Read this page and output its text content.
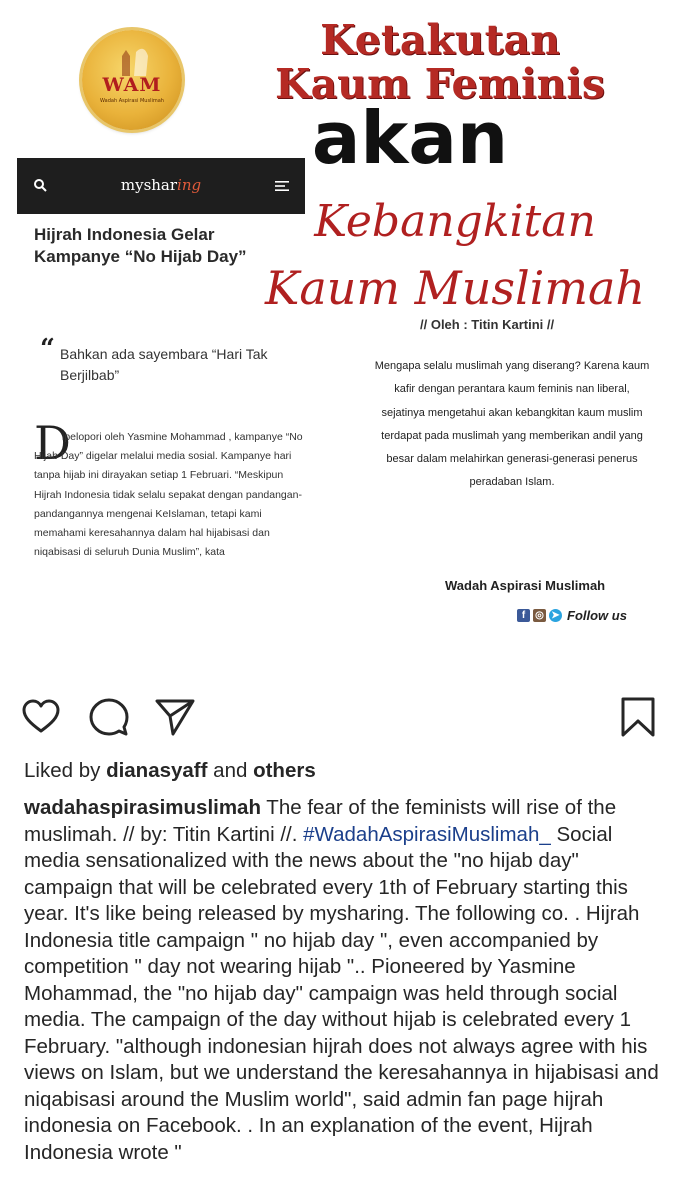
WAM
Wadah Aspirasi Muslimah
Ketakutan
Kaum Feminis
akan
Kebangkitan
Kaum Muslimah
// Oleh : Titin Kartini //
mysharing
Hijrah Indonesia Gelar Kampanye “No Hijab Day”
“ Bahkan ada sayembara “Hari Tak Berjilbab”
D
ipelopori oleh Yasmine Mohammad , kampanye “No Hijab Day” digelar melalui media sosial. Kampanye hari tanpa hijab ini dirayakan setiap 1 Februari. “Meskipun Hijrah Indonesia tidak selalu sepakat dengan pandangan-pandangannya mengenai KeIslaman, tetapi kami memahami keresahannya dalam hal hijabisasi dan niqabisasi di seluruh Dunia Muslim”, kata
Mengapa selalu muslimah yang diserang? Karena kaum kafir dengan perantara kaum feminis nan liberal, sejatinya mengetahui akan kebangkitan kaum muslim terdapat pada muslimah yang memberikan andil yang besar dalam melahirkan generasi-generasi penerus peradaban Islam.
Wadah Aspirasi Muslimah
f ◎ ➤ Follow us
Liked by dianasyaff and others
wadahaspirasimuslimah The fear of the feminists will rise of the muslimah. // by: Titin Kartini //. #WadahAspirasiMuslimah_ Social media sensationalized with the news about the "no hijab day" campaign that will be celebrated every 1th of February starting this year. It's like being released by mysharing. The following co. . Hijrah Indonesia title campaign " no hijab day ", even accompanied by competition " day not wearing hijab ".. Pioneered by Yasmine Mohammad, the "no hijab day" campaign was held through social media. The campaign of the day without hijab is celebrated every 1 February. "although indonesian hijrah does not always agree with his views on Islam, but we understand the keresahannya in hijabisasi and niqabisasi around the Muslim world", said admin fan page hijrah indonesia on Facebook. . In an explanation of the event, Hijrah Indonesia wrote "
